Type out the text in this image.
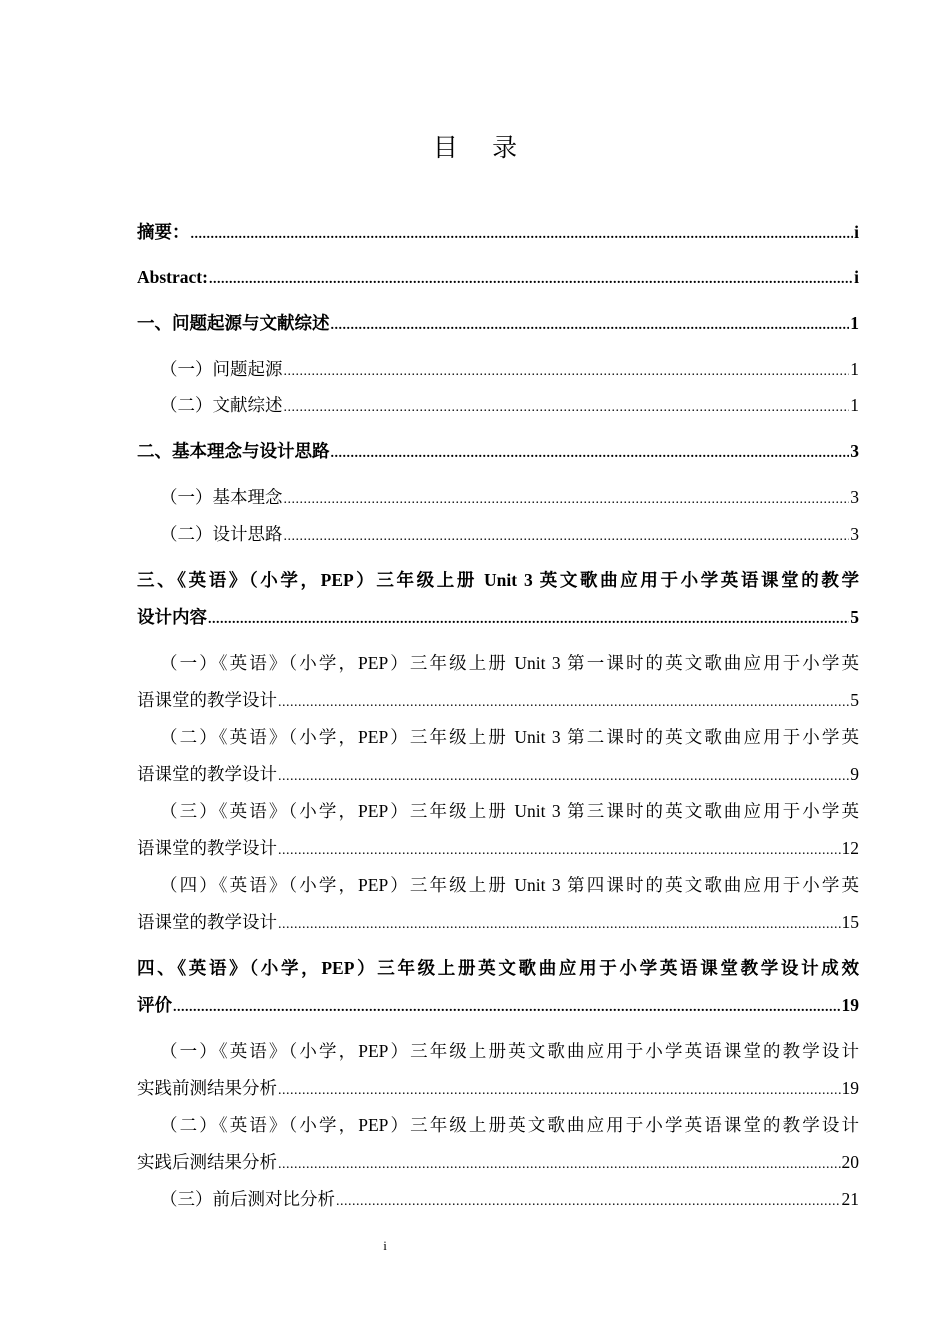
目 录
摘要： .....	i
Abstract: .....	i
一、问题起源与文献综述 .....	1
（一）问题起源 .....	1
（二）文献综述 .....	1
二、基本理念与设计思路 .....	3
（一）基本理念 .....	3
（二）设计思路 .....	3
三、《英语》（小学，PEP）三年级上册 Unit 3 英文歌曲应用于小学英语课堂的教学
设计内容 .....	5
（一）《英语》（小学，PEP）三年级上册 Unit 3 第一课时的英文歌曲应用于小学英
语课堂的教学设计 .....	5
（二）《英语》（小学，PEP）三年级上册 Unit 3 第二课时的英文歌曲应用于小学英
语课堂的教学设计 .....	9
（三）《英语》（小学，PEP）三年级上册 Unit 3 第三课时的英文歌曲应用于小学英
语课堂的教学设计 .....	12
（四）《英语》（小学，PEP）三年级上册 Unit 3 第四课时的英文歌曲应用于小学英
语课堂的教学设计 .....	15
四、《英语》（小学，PEP）三年级上册英文歌曲应用于小学英语课堂教学设计成效
评价 .....	19
（一）《英语》（小学，PEP）三年级上册英文歌曲应用于小学英语课堂的教学设计
实践前测结果分析 .....	19
（二）《英语》（小学，PEP）三年级上册英文歌曲应用于小学英语课堂的教学设计
实践后测结果分析 .....	20
（三）前后测对比分析 .....	21
i
